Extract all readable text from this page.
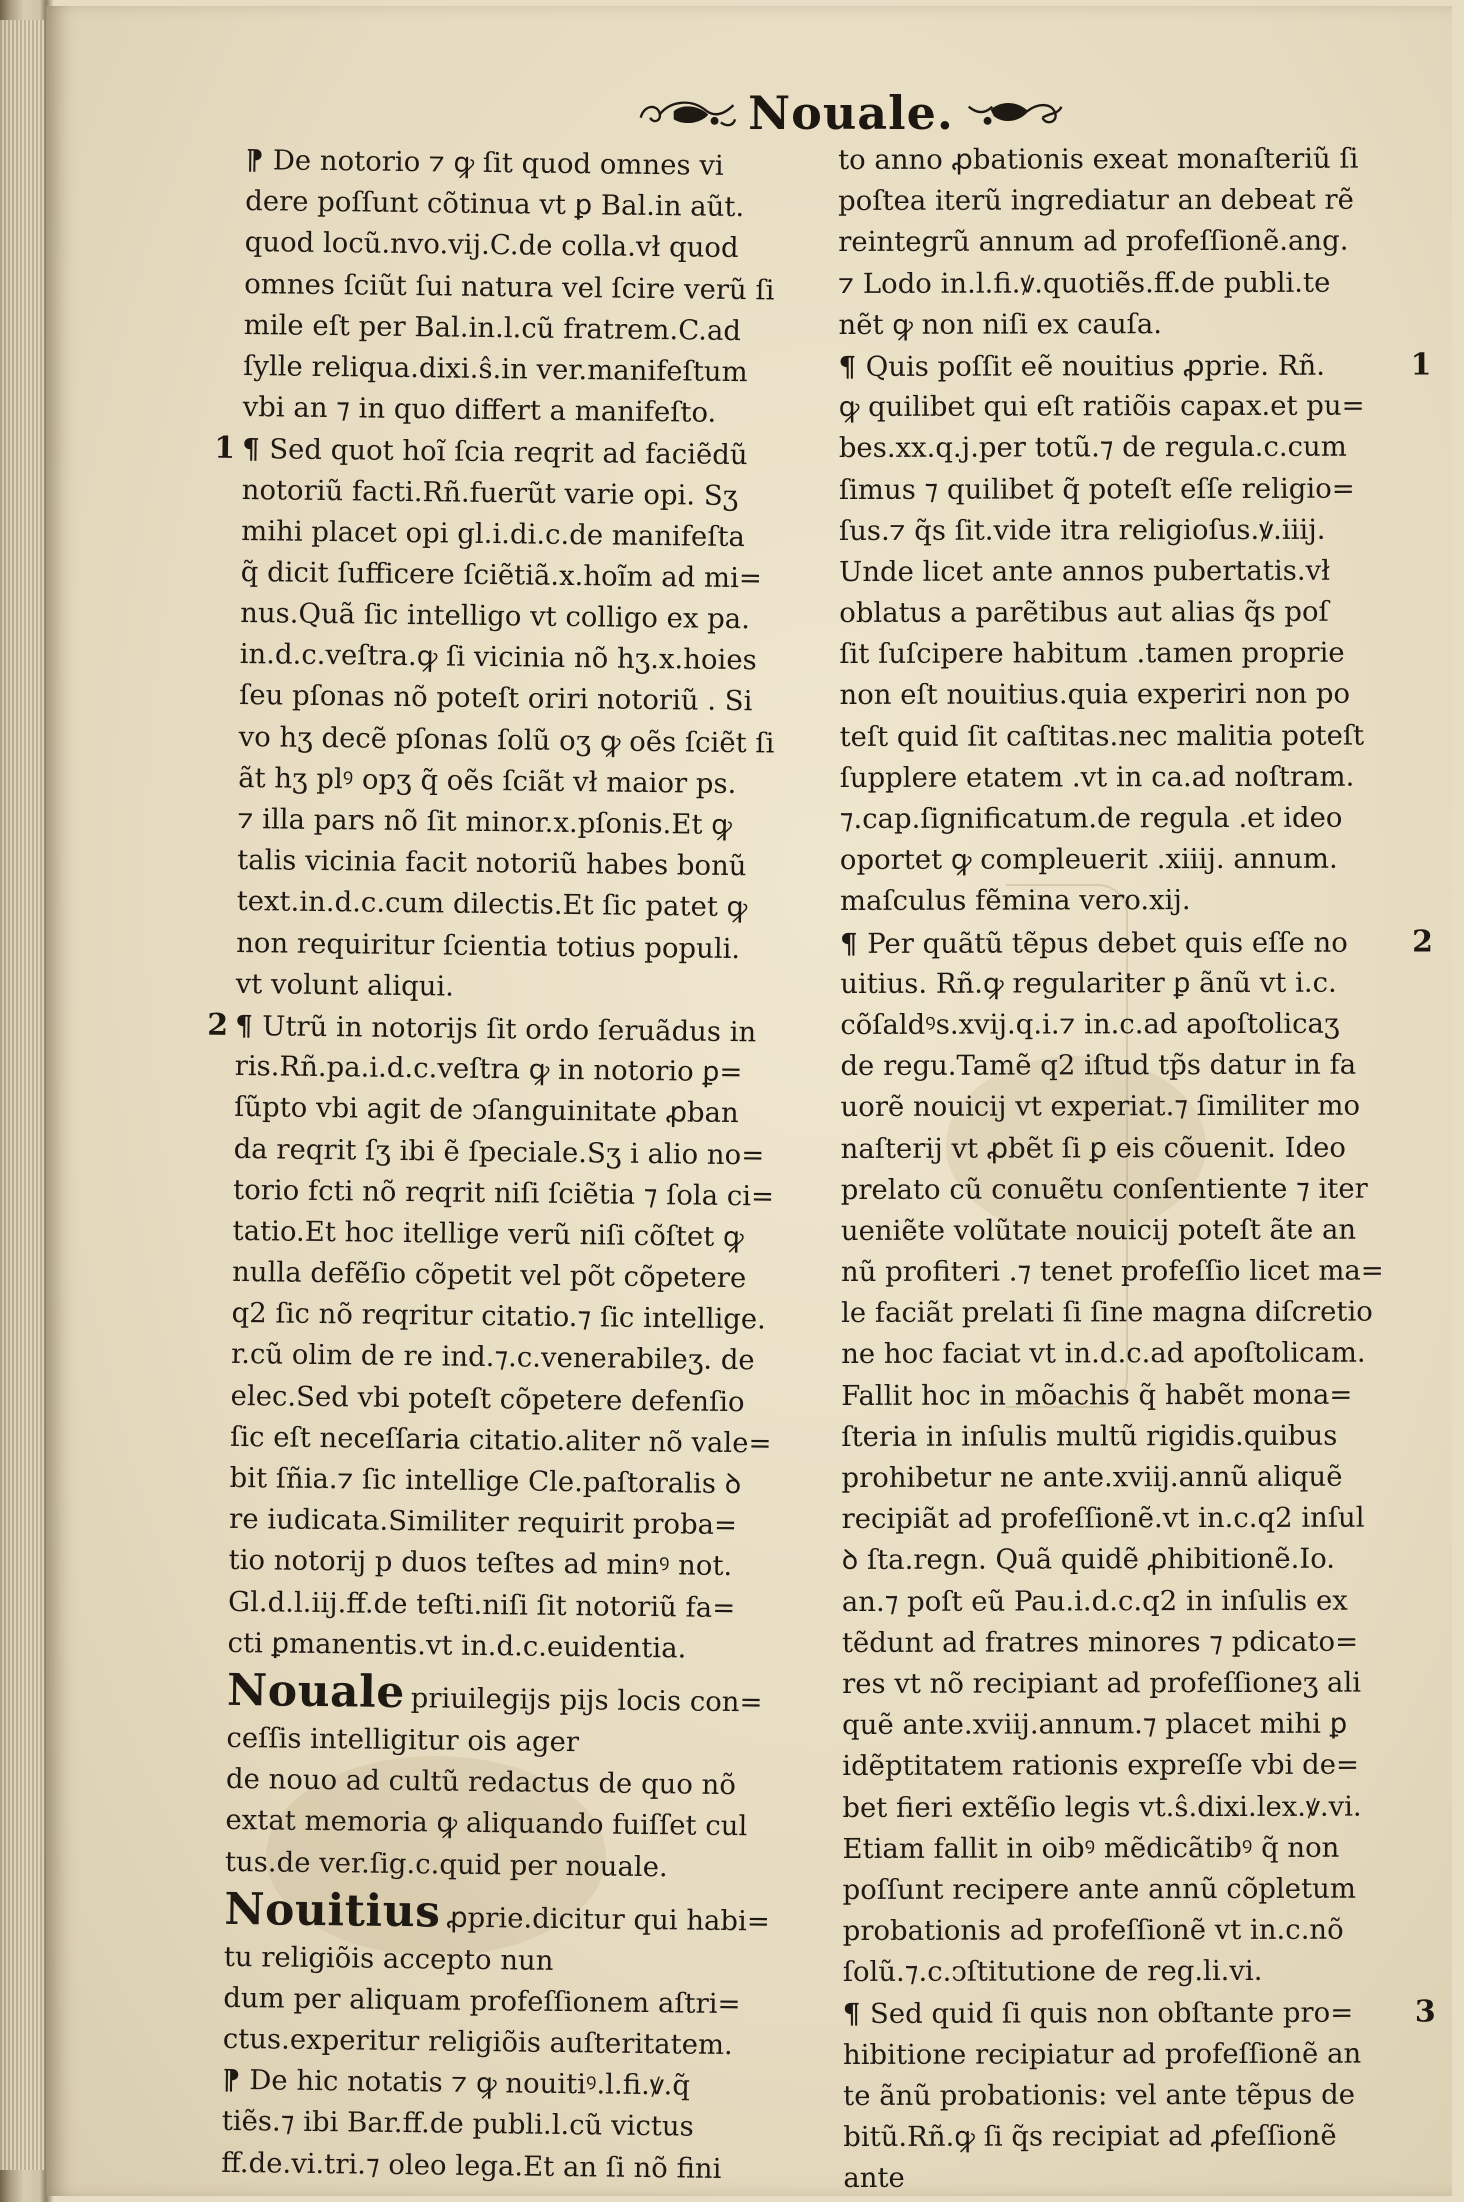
Nouale.
⁋ De notorio ⁊ ꝙ ſit quod omnes vi
dere poſſunt cõtinua vt ꝑ Bal.in aũt.
quod locũ.nvo.vij.C.de colla.vł quod
omnes ſciũt ſui natura vel ſcire verũ ſi
mile eſt per Bal.in.l.cũ fratrem.C.ad
ſylle reliqua.dixi.ŝ.in ver.manifeſtum
vbi an ⁊ in quo differt a manifeſto.
1 ¶ Sed quot hoĩ ſcia reqrit ad faciẽdũ
notoriũ facti.Rñ.fuerũt varie opi. Sʒ
mihi placet opi gl.i.di.c.de manifeſta
q̃ dicit ſufficere ſciẽtiã.x.hoĩm ad mi=
nus.Quã ſic intelligo vt colligo ex pa.
in.d.c.veſtra.ꝙ ſi vicinia nõ hʒ.x.hoies
ſeu pſonas nõ poteſt oriri notoriũ . Si
vo hʒ decẽ pſonas ſolũ oʒ ꝙ oẽs ſciẽt ſi
ãt hʒ plꝰ opʒ q̃ oẽs ſciãt vł maior ps.
⁊ illa pars nõ ſit minor.x.pſonis.Et ꝙ
talis vicinia facit notoriũ habes bonũ
text.in.d.c.cum dilectis.Et ſic patet ꝙ
non requiritur ſcientia totius populi.
vt volunt aliqui.
2 ¶ Utrũ in notorijs ſit ordo ſeruãdus in
ris.Rñ.pa.i.d.c.veſtra ꝙ in notorio ꝑ=
ſũpto vbi agit de ↄſanguinitate ꝓban
da reqrit ſʒ ibi ẽ ſpeciale.Sʒ i alio no=
torio fcti nõ reqrit niſi ſciẽtia ⁊ ſola ci=
tatio.Et hoc itellige verũ niſi cõſtet ꝙ
nulla defẽſio cõpetit vel põt cõpetere
q2 ſic nõ reqritur citatio.⁊ ſic intellige.
r.cũ olim de re ind.⁊.c.venerabileʒ. de
elec.Sed vbi poteſt cõpetere defenſio
ſic eſt neceſſaria citatio.aliter nõ vale=
bit ſñia.⁊ ſic intellige Cle.paſtoralis ꝺ
re iudicata.Similiter requirit proba=
tio notorij p duos teſtes ad minꝰ not.
Gl.d.l.iij.ff.de teſti.niſi ſit notoriũ fa=
cti ꝑmanentis.vt in.d.c.euidentia.
Nouale priuilegijs pijs locis con=
ceſſis intelligitur ois ager
de nouo ad cultũ redactus de quo nõ
extat memoria ꝙ aliquando fuiſſet cul
tus.de ver.ſig.c.quid per nouale.
Nouitius ꝓprie.dicitur qui habi=
tu religiõis accepto nun
dum per aliquam profeſſionem aſtri=
ctus.experitur religiõis auſteritatem.
⁋ De hic notatis ⁊ ꝙ nouitiꝰ.l.fi.ꝟ.q̃
tiẽs.⁊ ibi Bar.ff.de publi.l.cũ victus
ff.de.vi.tri.⁊ oleo lega.Et an ſi nõ fini
to anno ꝓbationis exeat monaſteriũ ſi
poſtea iterũ ingrediatur an debeat rẽ
reintegrũ annum ad profeſſionẽ.ang.
⁊ Lodo in.l.fi.ꝟ.quotiẽs.ff.de publi.te
nẽt ꝙ non niſi ex cauſa.
1¶ Quis poſſit eẽ nouitius ꝓprie. Rñ.
ꝙ quilibet qui eſt ratiõis capax.et pu=
bes.xx.q.j.per totũ.⁊ de regula.c.cum
ſimus ⁊ quilibet q̃ poteſt eſſe religio=
ſus.⁊ q̃s ſit.vide itra religioſus.ꝟ.iiij.
Unde licet ante annos pubertatis.vł
oblatus a parẽtibus aut alias q̃s poſ
ſit ſuſcipere habitum .tamen proprie
non eſt nouitius.quia experiri non po
teſt quid ſit caſtitas.nec malitia poteſt
ſupplere etatem .vt in ca.ad noſtram.
⁊.cap.ſignificatum.de regula .et ideo
oportet ꝙ compleuerit .xiiij. annum.
maſculus fẽmina vero.xij.
2¶ Per quãtũ tẽpus debet quis eſſe no
uitius. Rñ.ꝙ regulariter ꝑ ãnũ vt i.c.
cõſaldꝰs.xvij.q.i.⁊ in.c.ad apoſtolicaʒ
de regu.Tamẽ q2 iſtud tp̃s datur in fa
uorẽ nouicij vt experiat.⁊ ſimiliter mo
naſterij vt ꝓbẽt ſi ꝑ eis cõuenit. Ideo
prelato cũ conuẽtu conſentiente ⁊ iter
ueniẽte volũtate nouicij poteſt ãte an
nũ profiteri .⁊ tenet profeſſio licet ma=
le faciãt prelati ſi ſine magna diſcretio
ne hoc faciat vt in.d.c.ad apoſtolicam.
Fallit hoc in mõachis q̃ habẽt mona=
ſteria in inſulis multũ rigidis.quibus
prohibetur ne ante.xviij.annũ aliquẽ
recipiãt ad profeſſionẽ.vt in.c.q2 inſul
ꝺ ſta.regn. Quã quidẽ ꝓhibitionẽ.Io.
an.⁊ poſt eũ Pau.i.d.c.q2 in inſulis ex
tẽdunt ad fratres minores ⁊ pdicato=
res vt nõ recipiant ad profeſſioneʒ ali
quẽ ante.xviij.annum.⁊ placet mihi ꝑ
idẽptitatem rationis expreſſe vbi de=
bet fieri extẽſio legis vt.ŝ.dixi.lex.ꝟ.vi.
Etiam fallit in oibꝰ mẽdicãtibꝰ q̃ non
poſſunt recipere ante annũ cõpletum
probationis ad profeſſionẽ vt in.c.nõ
ſolũ.⁊.c.ↄſtitutione de reg.li.vi.
3¶ Sed quid ſi quis non obſtante pro=
hibitione recipiatur ad profeſſionẽ an
te ãnũ probationis: vel ante tẽpus de
bitũ.Rñ.ꝙ ſi q̃s recipiat ad ꝓfeſſionẽ
ante
